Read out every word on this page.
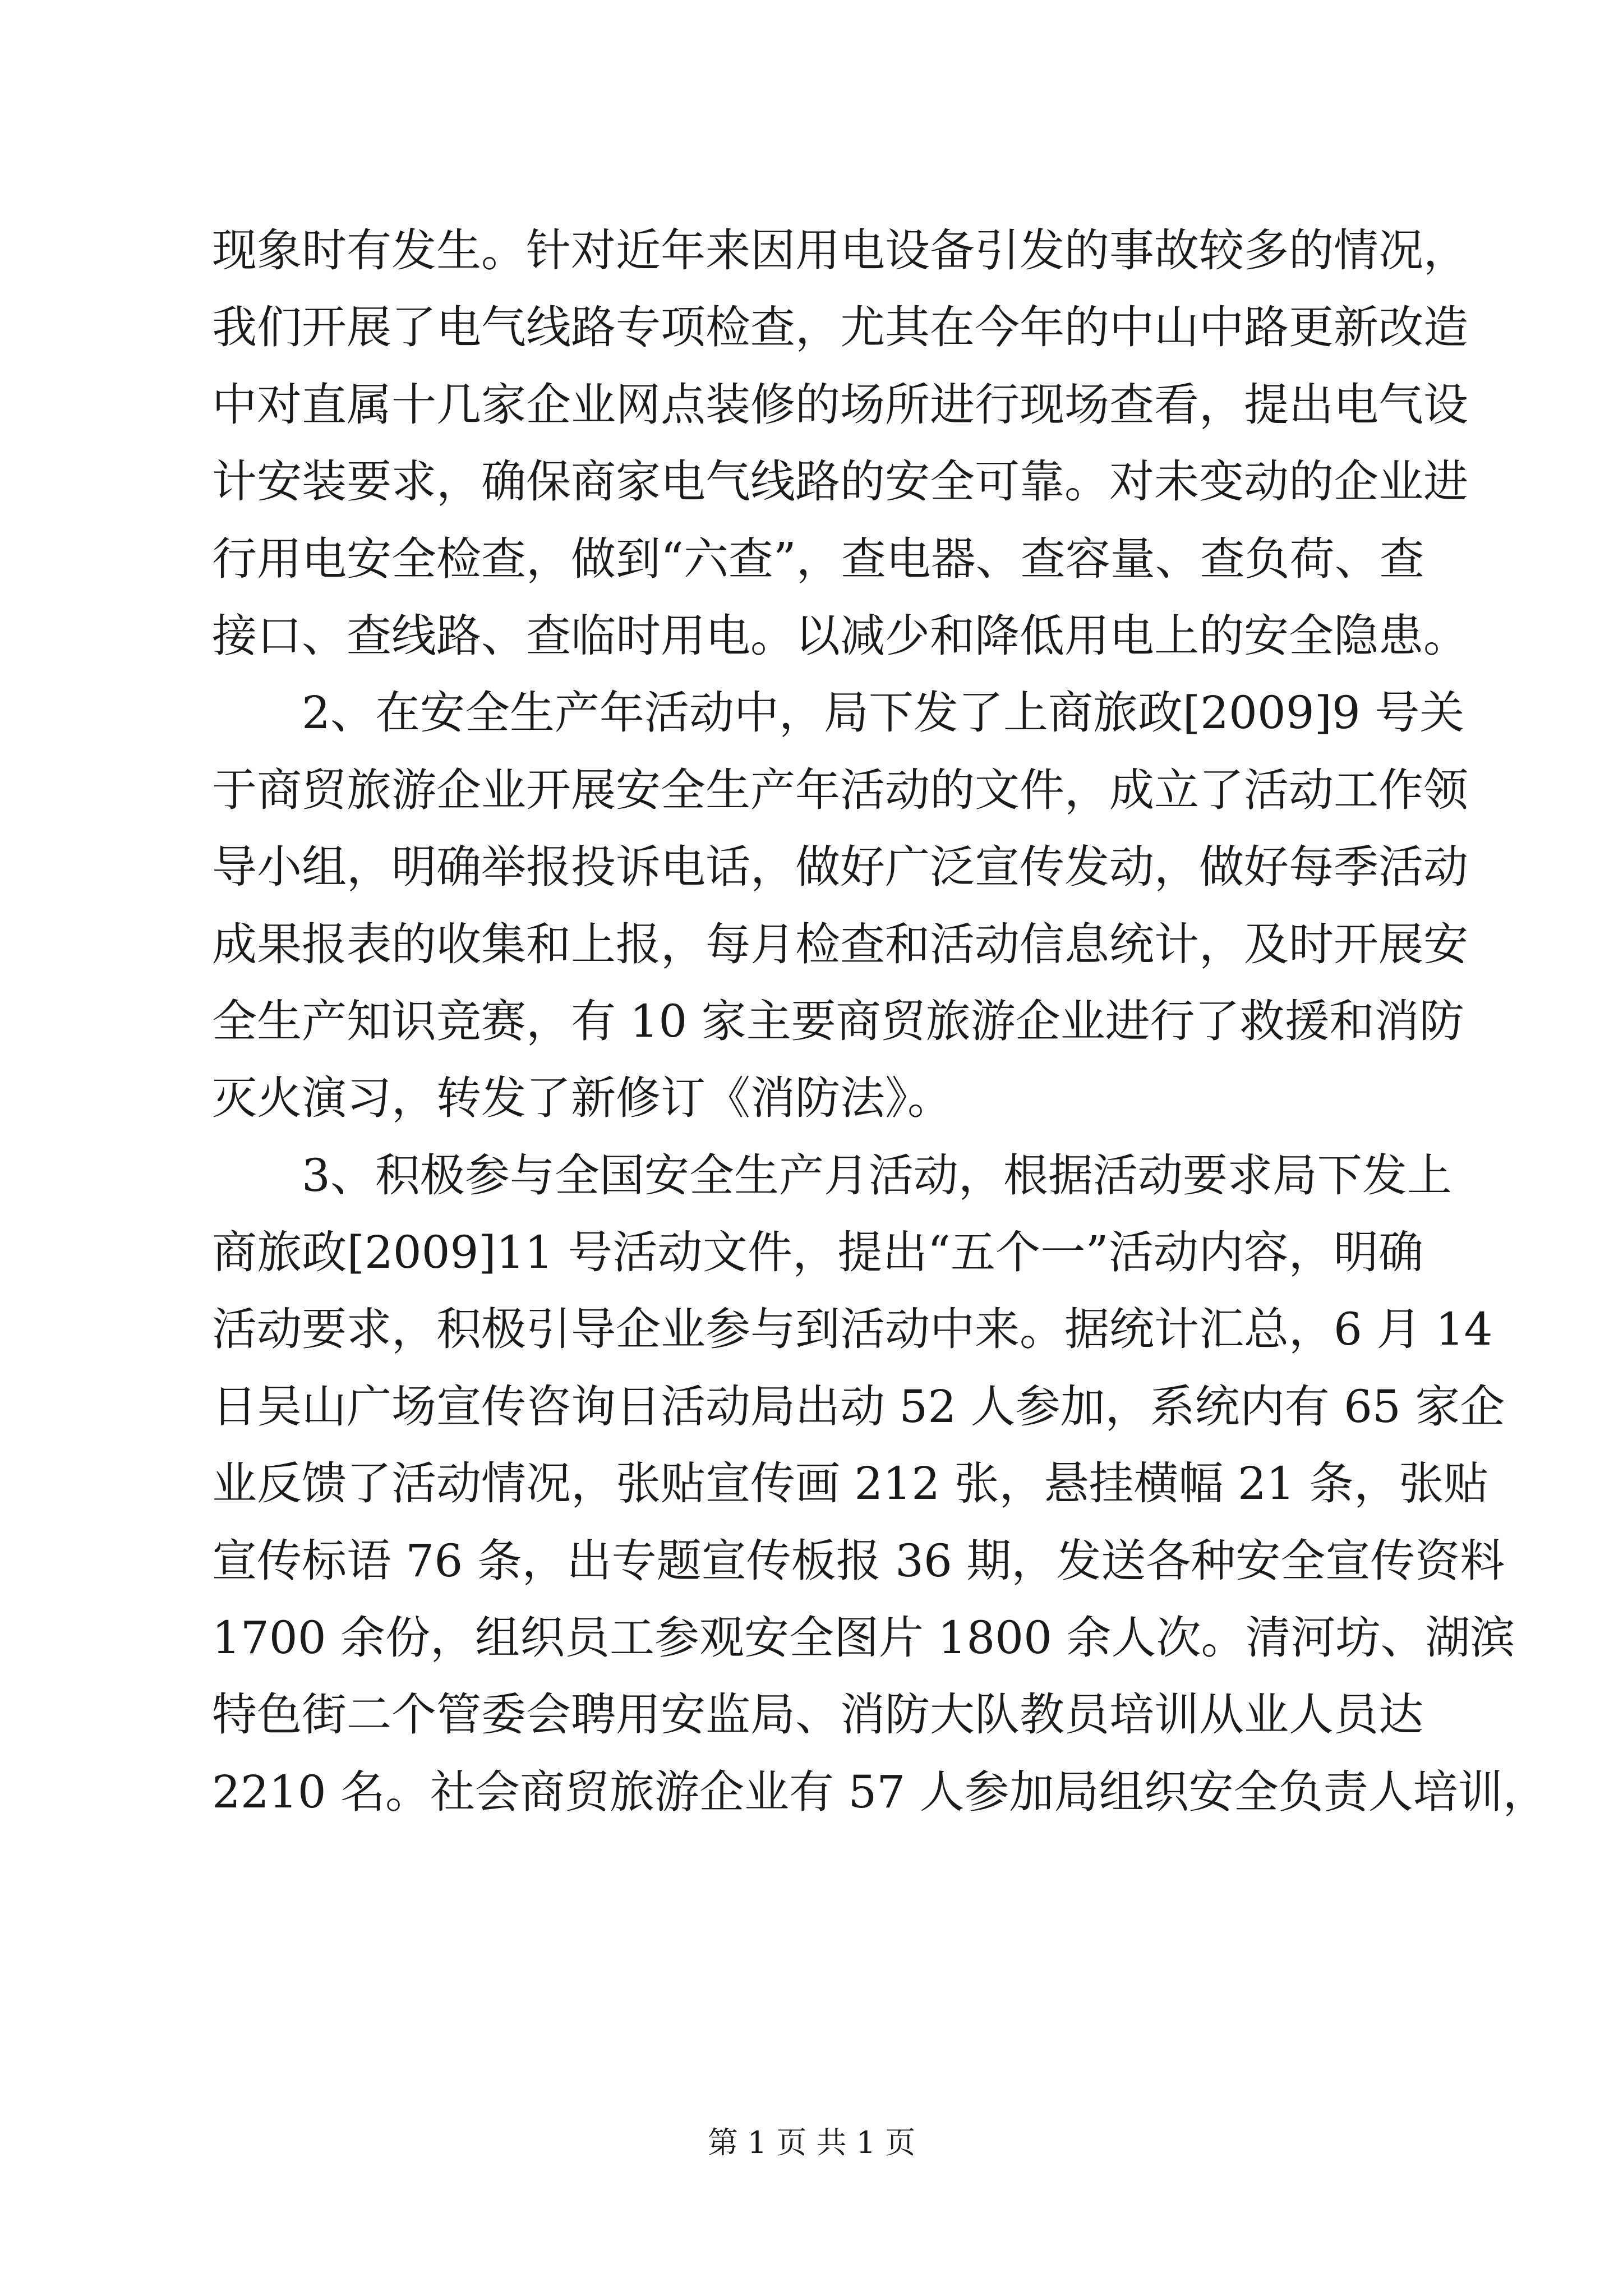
现象时有发生。针对近年来因用电设备引发的事故较多的情况，
我们开展了电气线路专项检查，尤其在今年的中山中路更新改造
中对直属十几家企业网点装修的场所进行现场查看，提出电气设
计安装要求，确保商家电气线路的安全可靠。对未变动的企业进
行用电安全检查，做到“六查”，查电器、查容量、查负荷、查
接口、查线路、查临时用电。以减少和降低用电上的安全隐患。
2、在安全生产年活动中，局下发了上商旅政[2009]9 号关
于商贸旅游企业开展安全生产年活动的文件，成立了活动工作领
导小组，明确举报投诉电话，做好广泛宣传发动，做好每季活动
成果报表的收集和上报，每月检查和活动信息统计，及时开展安
全生产知识竞赛，有 10 家主要商贸旅游企业进行了救援和消防
灭火演习，转发了新修订《消防法》。
3、积极参与全国安全生产月活动，根据活动要求局下发上
商旅政[2009]11 号活动文件，提出“五个一”活动内容，明确
活动要求，积极引导企业参与到活动中来。据统计汇总，6 月 14
日吴山广场宣传咨询日活动局出动 52 人参加，系统内有 65 家企
业反馈了活动情况，张贴宣传画 212 张，悬挂横幅 21 条，张贴
宣传标语 76 条，出专题宣传板报 36 期，发送各种安全宣传资料
1700 余份，组织员工参观安全图片 1800 余人次。清河坊、湖滨
特色街二个管委会聘用安监局、消防大队教员培训从业人员达
2210 名。社会商贸旅游企业有 57 人参加局组织安全负责人培训，
第 1 页 共 1 页
